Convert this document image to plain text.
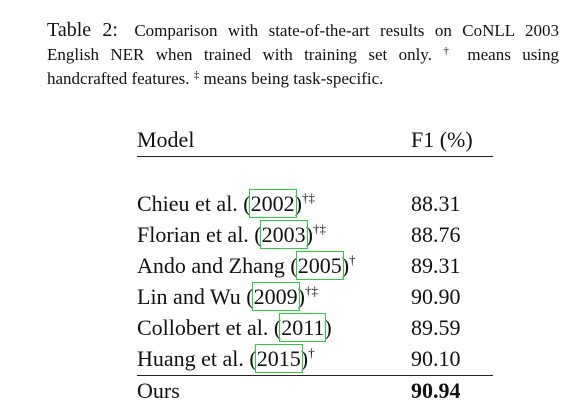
Table 2: Comparison with state-of-the-art results on CoNLL 2003 English NER when trained with training set only. † means using handcrafted features. ‡ means being task-specific.
Model	F1 (%)
Chieu et al. (2002)†‡	88.31
Florian et al. (2003)†‡	88.76
Ando and Zhang (2005)†	89.31
Lin and Wu (2009)†‡	90.90
Collobert et al. (2011)	89.59
Huang et al. (2015)†	90.10
Ours	90.94
